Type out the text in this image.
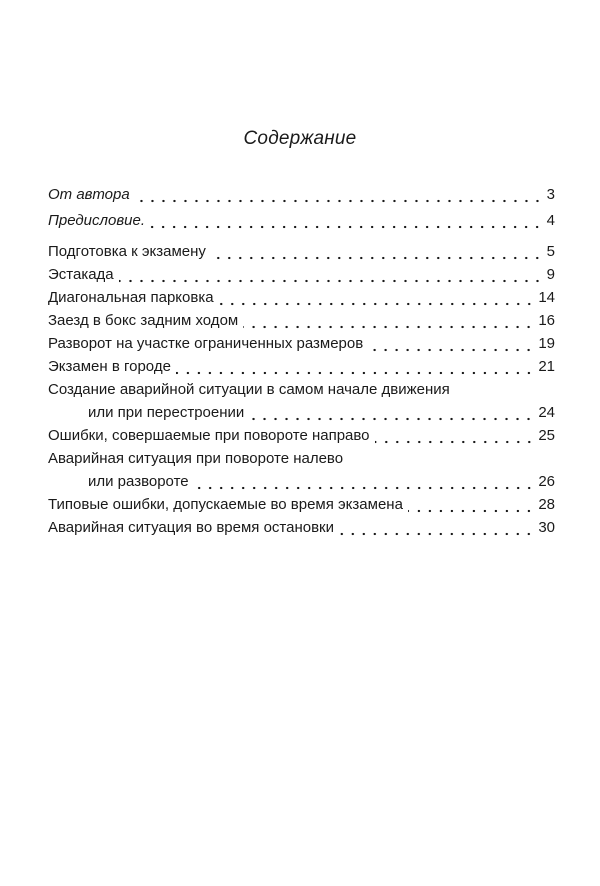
Содержание
От автора	3
Предисловие.	4
Подготовка к экзамену	5
Эстакада	9
Диагональная парковка	14
Заезд в бокс задним ходом	16
Разворот на участке ограниченных размеров	19
Экзамен в городе	21
Создание аварийной ситуации в самом начале движения
или при перестроении	24
Ошибки, совершаемые при повороте направо	25
Аварийная ситуация при повороте налево
или развороте	26
Типовые ошибки, допускаемые во время экзамена	28
Аварийная ситуация во время остановки	30
